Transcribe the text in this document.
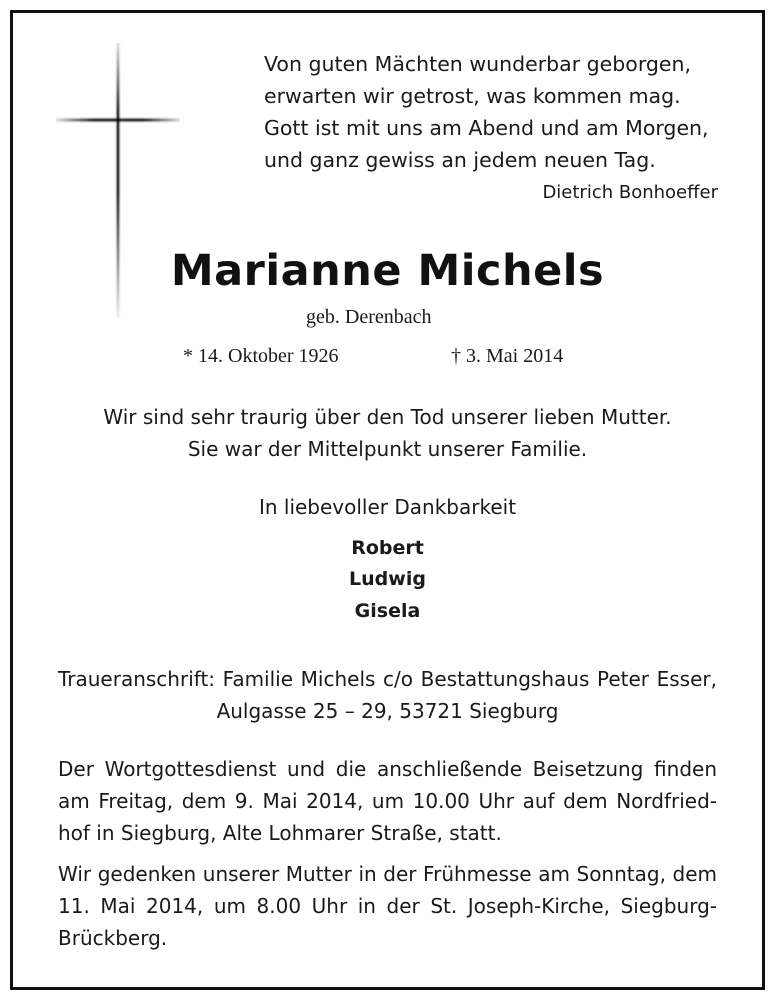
Von guten Mächten wunderbar geborgen,
erwarten wir getrost, was kommen mag.
Gott ist mit uns am Abend und am Morgen,
und ganz gewiss an jedem neuen Tag.
Dietrich Bonhoeffer
Marianne Michels
geb. Derenbach
* 14. Oktober 1926	† 3. Mai 2014
Wir sind sehr traurig über den Tod unserer lieben Mutter.
Sie war der Mittelpunkt unserer Familie.
In liebevoller Dankbarkeit
Robert
Ludwig
Gisela
Traueranschrift: Familie Michels c/o Bestattungshaus Peter Esser,
Aulgasse 25 – 29, 53721 Siegburg
Der Wortgottesdienst und die anschließende Beisetzung finden
am Freitag, dem 9. Mai 2014, um 10.00 Uhr auf dem Nordfried-
hof in Siegburg, Alte Lohmarer Straße, statt.
Wir gedenken unserer Mutter in der Frühmesse am Sonntag, dem
11. Mai 2014, um 8.00 Uhr in der St. Joseph-Kirche, Siegburg-
Brückberg.
